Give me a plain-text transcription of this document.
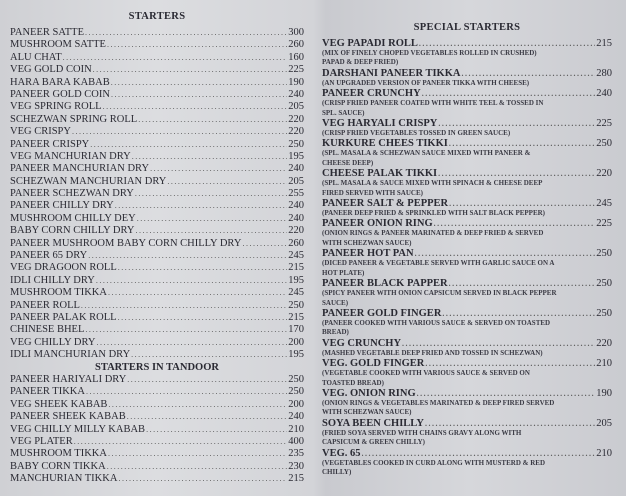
STARTERS
PANEER SATTE .....	300
MUSHROOM SATTE .....	260
ALU CHAT .....	160
VEG GOLD COIN .....	225
HARA BARA KABAB .....	190
PANEER GOLD COIN .....	240
VEG SPRING ROLL .....	205
SCHEZWAN SPRING ROLL .....	220
VEG CRISPY .....	220
PANEER CRISPY .....	250
VEG MANCHURIAN DRY .....	195
PANEER MANCHURIAN DRY .....	240
SCHEZWAN MANCHURIAN DRY .....	205
PANEER SCHEZWAN DRY .....	255
PANEER CHILLY DRY .....	240
MUSHROOM CHILLY DEY .....	240
BABY CORN CHILLY DRY .....	220
PANEER MUSHROOM BABY CORN CHILLY DRY .....	260
PANEER 65 DRY .....	245
VEG DRAGOON ROLL .....	215
IDLI CHILLY DRY .....	195
MUSHROOM TIKKA .....	245
PANEER ROLL .....	250
PANEER PALAK ROLL .....	215
CHINESE BHEL .....	170
VEG CHILLY DRY .....	200
IDLI MANCHURIAN DRY .....	195
STARTERS IN TANDOOR
PANEER HARIYALI DRY .....	250
PANEER TIKKA .....	250
VEG SHEEK KABAB .....	200
PANEER SHEEK KABAB .....	240
VEG CHILLY MILLY KABAB .....	210
VEG PLATER .....	400
MUSHROOM TIKKA .....	235
BABY CORN TIKKA .....	230
MANCHURIAN TIKKA .....	215
SPECIAL STARTERS
VEG PAPADI ROLL .....	215
(MIX OF FINELY CHOPED VEGETABLES ROLLED IN CRUSHED) PAPAD & DEEP FRIED)
DARSHANI PANEER TIKKA .....	280
(AN UPGRADED VERSION OF PANEER TIKKA WITH CHEESE)
PANEER CRUNCHY .....	240
(CRISP FRIED PANEER COATED WITH WHITE TEEL & TOSSED IN SPL. SAUCE)
VEG HARYALI CRISPY .....	225
(CRISP FRIED VEGETABLES TOSSED IN GREEN SAUCE)
KURKURE CHEES TIKKI .....	250
(SPL. MASALA & SCHEZWAN SAUCE MIXED WITH PANEER & CHEESE DEEP)
CHEESE PALAK TIKKI .....	220
(SPL. MASALA & SAUCE MIXED WITH SPINACH & CHEESE DEEP FIRED SERVED WITH SAUCE)
PANEER SALT & PEPPER .....	245
(PANEER DEEP FRIED & SPRINKLED WITH SALT BLACK PEPPER)
PANEER ONION RING .....	225
(ONION RINGS & PANEER MARINATED & DEEP FRIED & SERVED WITH SCHEZWAN SAUCE)
PANEER HOT PAN .....	250
(DICED PANEER & VEGETABLE SERVED WITH GARLIC SAUCE ON A HOT PLATE)
PANEER BLACK PAPPER .....	250
(SPICY PANEER WITH ONION CAPSICUM SERVED IN BLACK PEPPER SAUCE)
PANEER GOLD FINGER .....	250
(PANEER COOKED WITH VARIOUS SAUCE & SERVED ON TOASTED BREAD)
VEG CRUNCHY .....	220
(MASHED VEGETABLE DEEP FRIED AND TOSSED IN SCHEZWAN)
VEG. GOLD FINGER .....	210
(VEGETABLE COOKED WITH VARIOUS SAUCE & SERVED ON TOASTED BREAD)
VEG. ONION RING .....	190
(ONION RINGS & VEGETABLES MARINATED & DEEP FIRED SERVED WITH SCHEZWAN SAUCE)
SOYA BEEN CHILLY .....	205
(FRIED SOYA SERVED WITH CHAINS GRAVY ALONG WITH CAPSICUM & GREEN CHILLY)
VEG. 65 .....	210
(VEGETABLES COOKED IN CURD ALONG WITH MUSTERD & RED CHILLY)
